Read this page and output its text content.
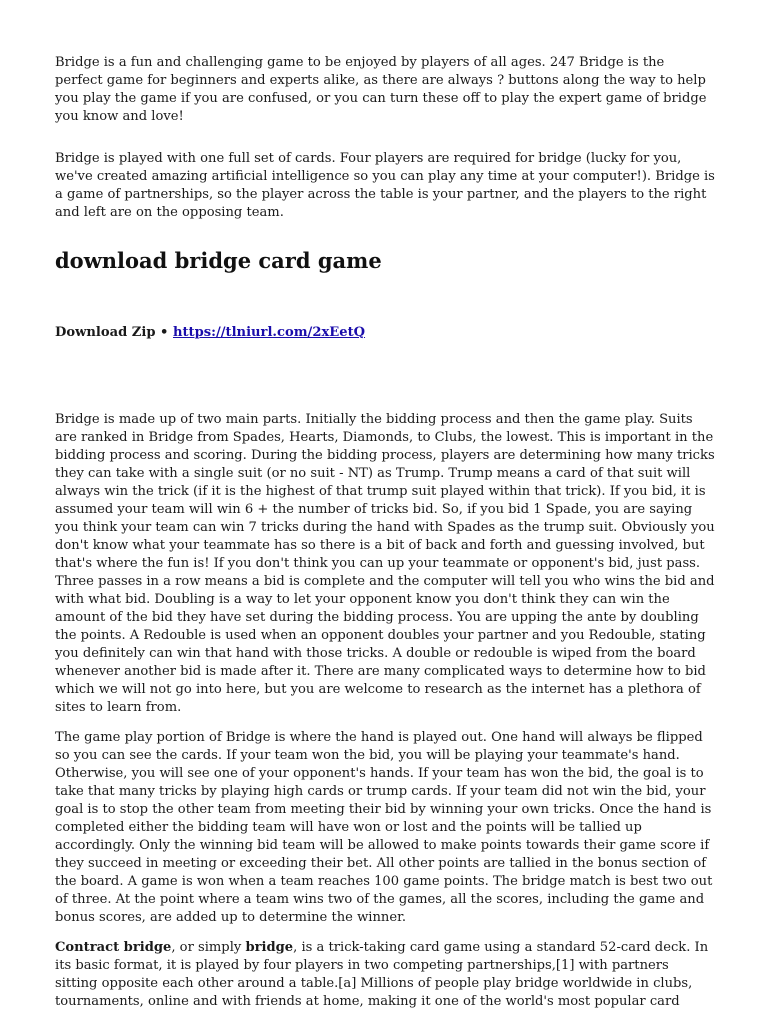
Bridge is a fun and challenging game to be enjoyed by players of all ages. 247 Bridge is the perfect game for beginners and experts alike, as there are always ? buttons along the way to help you play the game if you are confused, or you can turn these off to play the expert game of bridge you know and love!

Bridge is played with one full set of cards. Four players are required for bridge (lucky for you, we've created amazing artificial intelligence so you can play any time at your computer!). Bridge is a game of partnerships, so the player across the table is your partner, and the players to the right and left are on the opposing team.

download bridge card game
Download Zip • https://tlniurl.com/2xEetQ

Bridge is made up of two main parts. Initially the bidding process and then the game play. Suits are ranked in Bridge from Spades, Hearts, Diamonds, to Clubs, the lowest. This is important in the bidding process and scoring. During the bidding process, players are determining how many tricks they can take with a single suit (or no suit - NT) as Trump. Trump means a card of that suit will always win the trick (if it is the highest of that trump suit played within that trick). If you bid, it is assumed your team will win 6 + the number of tricks bid. So, if you bid 1 Spade, you are saying you think your team can win 7 tricks during the hand with Spades as the trump suit. Obviously you don't know what your teammate has so there is a bit of back and forth and guessing involved, but that's where the fun is! If you don't think you can up your teammate or opponent's bid, just pass. Three passes in a row means a bid is complete and the computer will tell you who wins the bid and with what bid. Doubling is a way to let your opponent know you don't think they can win the amount of the bid they have set during the bidding process. You are upping the ante by doubling the points. A Redouble is used when an opponent doubles your partner and you Redouble, stating you definitely can win that hand with those tricks. A double or redouble is wiped from the board whenever another bid is made after it. There are many complicated ways to determine how to bid which we will not go into here, but you are welcome to research as the internet has a plethora of sites to learn from.

The game play portion of Bridge is where the hand is played out. One hand will always be flipped so you can see the cards. If your team won the bid, you will be playing your teammate's hand. Otherwise, you will see one of your opponent's hands. If your team has won the bid, the goal is to take that many tricks by playing high cards or trump cards. If your team did not win the bid, your goal is to stop the other team from meeting their bid by winning your own tricks. Once the hand is completed either the bidding team will have won or lost and the points will be tallied up accordingly. Only the winning bid team will be allowed to make points towards their game score if they succeed in meeting or exceeding their bet. All other points are tallied in the bonus section of the board. A game is won when a team reaches 100 game points. The bridge match is best two out of three. At the point where a team wins two of the games, all the scores, including the game and bonus scores, are added up to determine the winner.

Contract bridge, or simply bridge, is a trick-taking card game using a standard 52-card deck. In its basic format, it is played by four players in two competing partnerships,[1] with partners sitting opposite each other around a table.[a] Millions of people play bridge worldwide in clubs, tournaments, online and with friends at home, making it one of the world's most popular card
